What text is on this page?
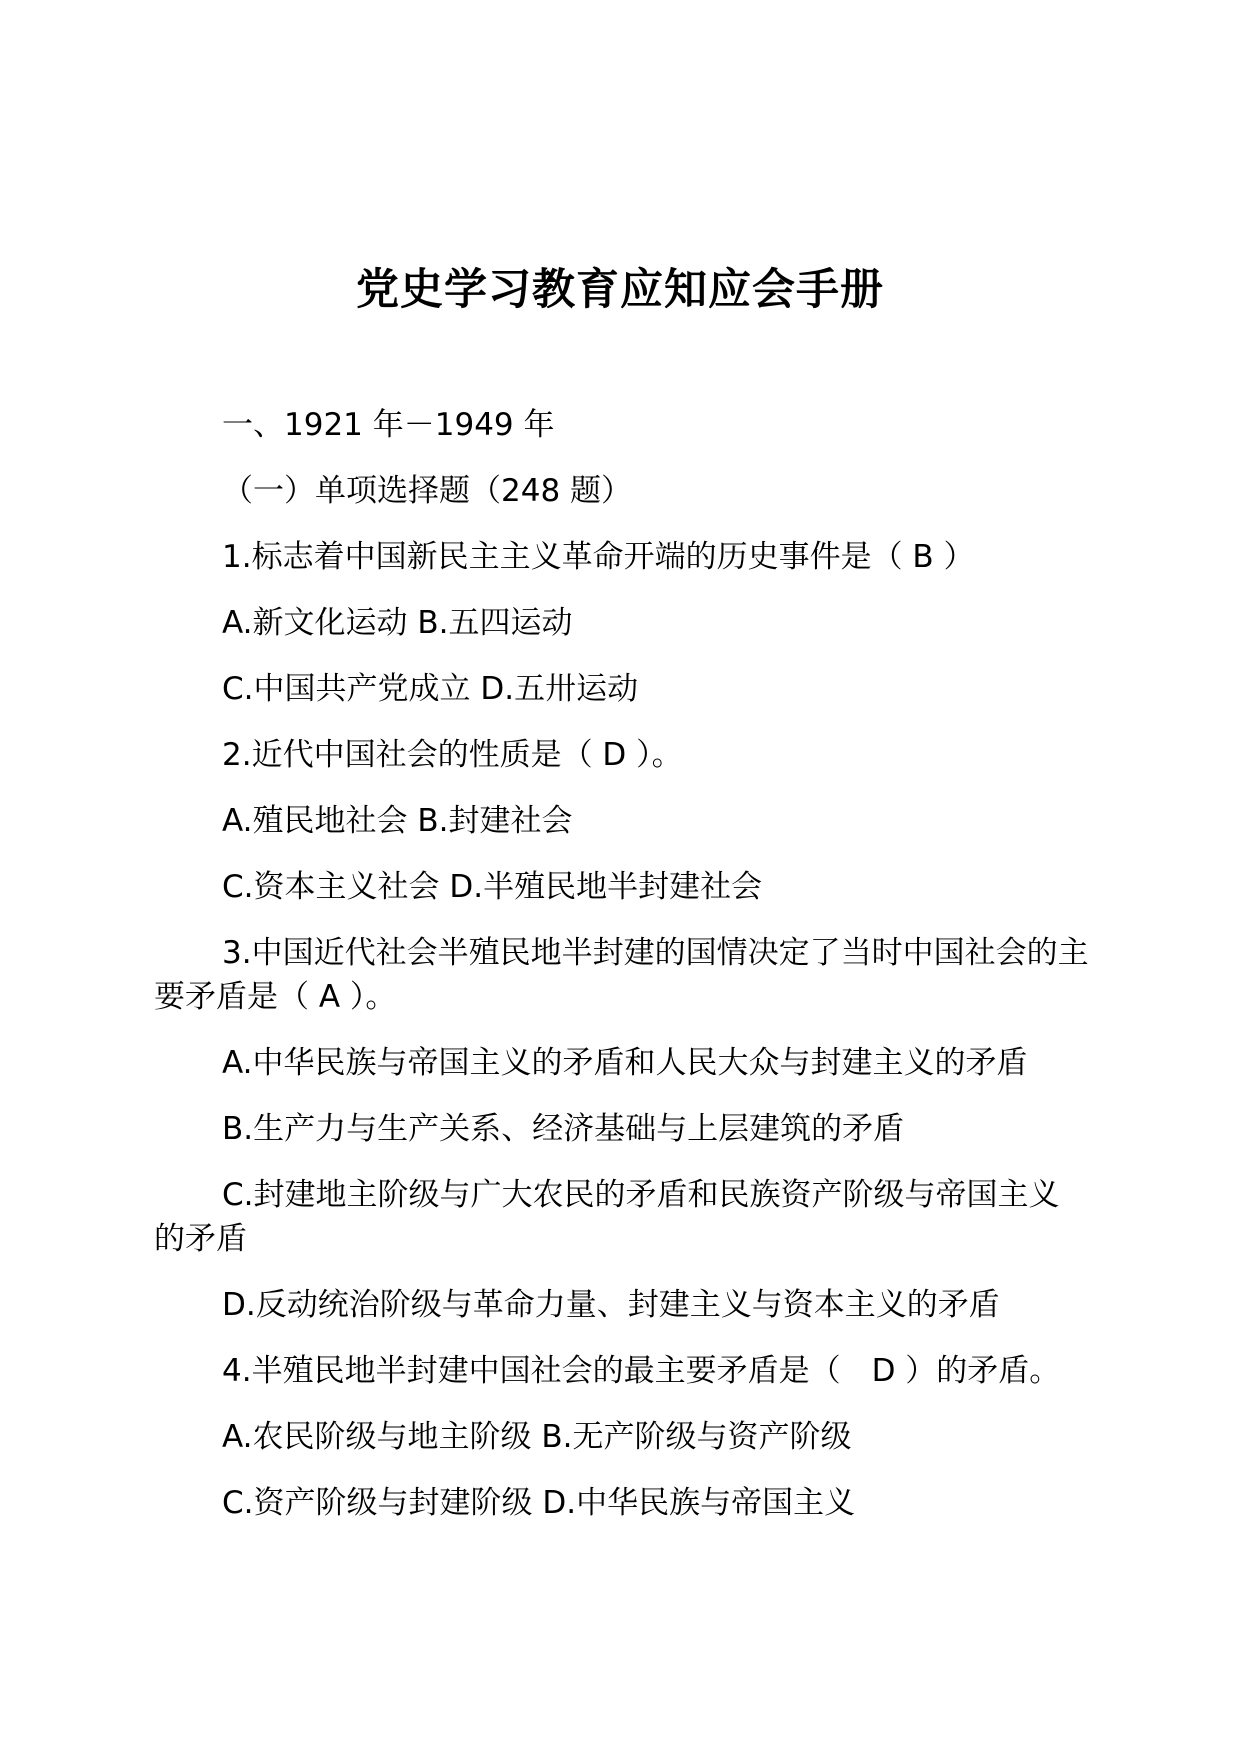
党史学习教育应知应会手册

一、1921 年－1949 年

（一）单项选择题（248 题）

1.标志着中国新民主主义革命开端的历史事件是（ B ）

A.新文化运动 B.五四运动

C.中国共产党成立 D.五卅运动

2.近代中国社会的性质是（ D ）。

A.殖民地社会 B.封建社会

C.资本主义社会 D.半殖民地半封建社会

3.中国近代社会半殖民地半封建的国情决定了当时中国社会的主要矛盾是（ A ）。

A.中华民族与帝国主义的矛盾和人民大众与封建主义的矛盾

B.生产力与生产关系、经济基础与上层建筑的矛盾

C.封建地主阶级与广大农民的矛盾和民族资产阶级与帝国主义的矛盾

D.反动统治阶级与革命力量、封建主义与资本主义的矛盾

4.半殖民地半封建中国社会的最主要矛盾是（　D ）的矛盾。

A.农民阶级与地主阶级 B.无产阶级与资产阶级

C.资产阶级与封建阶级 D.中华民族与帝国主义
